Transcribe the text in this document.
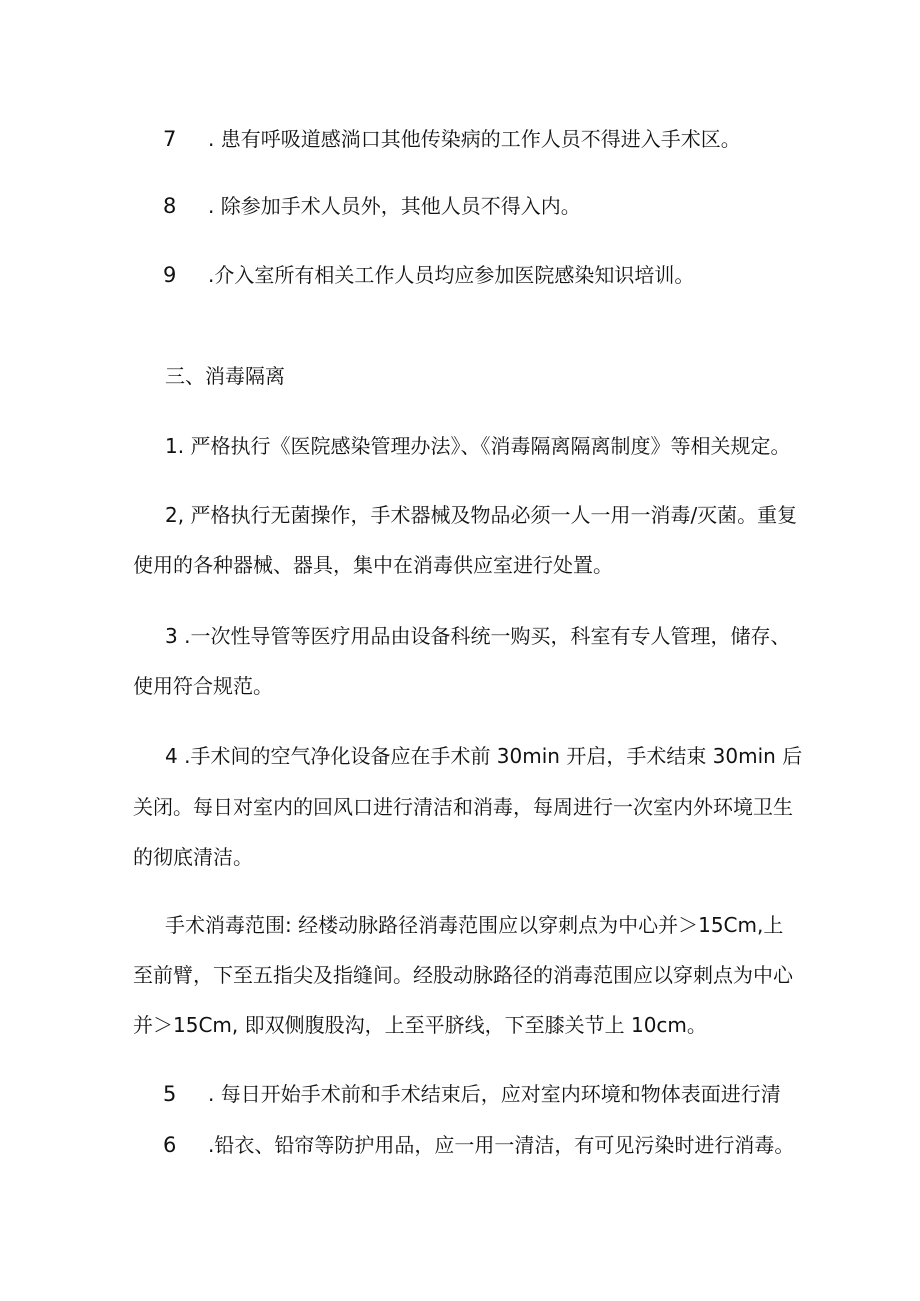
7 . 患有呼吸道感淌口其他传染病的工作人员不得进入手术区。
8 . 除参加手术人员外，其他人员不得入内。
9 .介入室所有相关工作人员均应参加医院感染知识培训。
三、消毒隔离
1. 严格执行《医院感染管理办法》、《消毒隔离隔离制度》等相关规定。
2, 严格执行无菌操作，手术器械及物品必须一人一用一消毒/灭菌。重复
使用的各种器械、器具，集中在消毒供应室进行处置。
3 .一次性导管等医疗用品由设备科统一购买，科室有专人管理，储存、
使用符合规范。
4 .手术间的空气净化设备应在手术前 30min 开启，手术结束 30min 后
关闭。每日对室内的回风口进行清洁和消毒，每周进行一次室内外环境卫生
的彻底清洁。
手术消毒范围: 经楼动脉路径消毒范围应以穿刺点为中心并＞15Cm,上
至前臂，下至五指尖及指缝间。经股动脉路径的消毒范围应以穿刺点为中心
并＞15Cm, 即双侧腹股沟，上至平脐线，下至膝关节上 10cm。
5 . 每日开始手术前和手术结束后，应对室内环境和物体表面进行清
6 .铅衣、铅帘等防护用品，应一用一清洁，有可见污染时进行消毒。
